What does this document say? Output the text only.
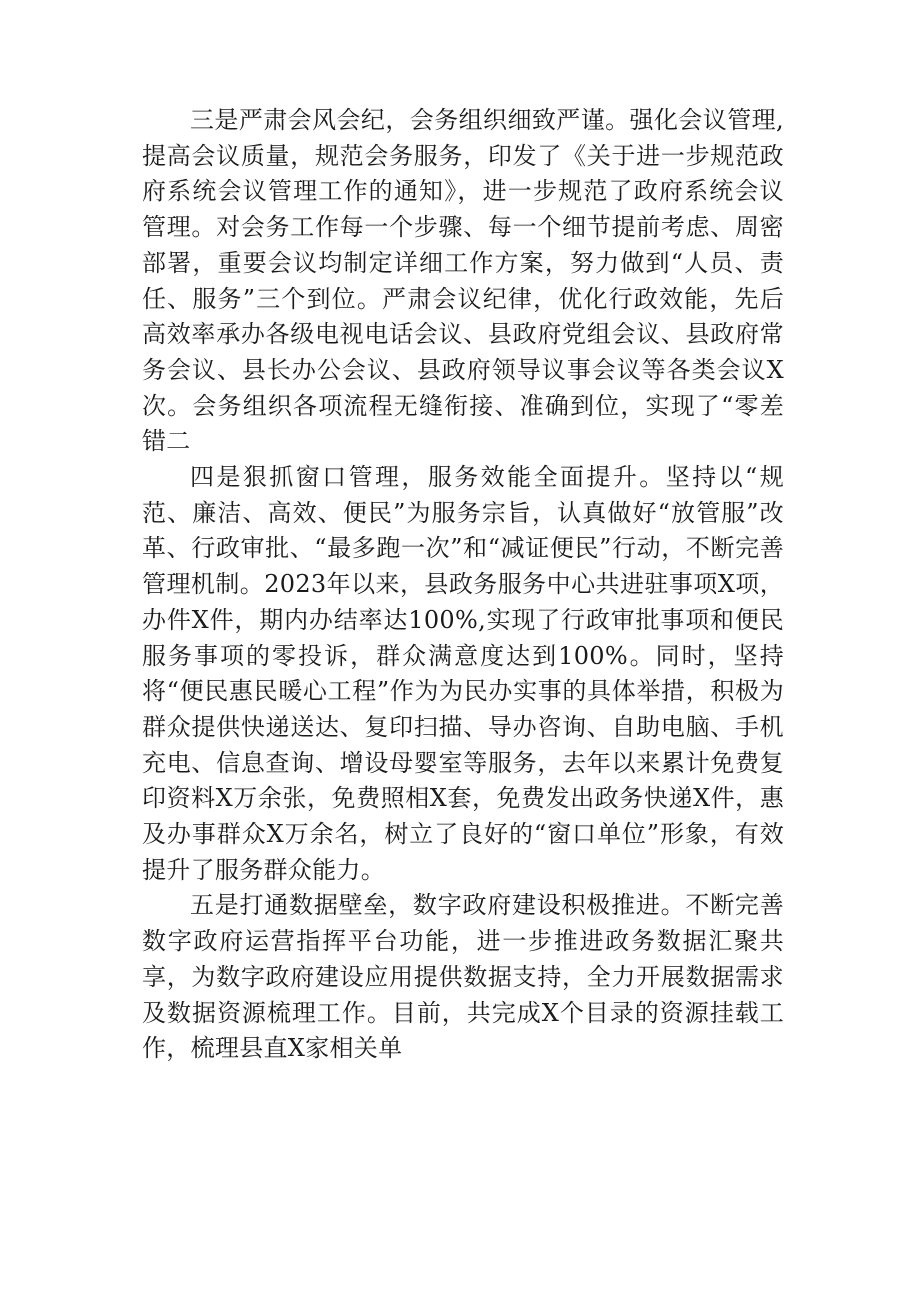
三是严肃会风会纪，会务组织细致严谨。强化会议管理,提高会议质量，规范会务服务，印发了《关于进一步规范政府系统会议管理工作的通知》，进一步规范了政府系统会议管理。对会务工作每一个步骤、每一个细节提前考虑、周密部署，重要会议均制定详细工作方案，努力做到“人员、责任、服务”三个到位。严肃会议纪律，优化行政效能，先后高效率承办各级电视电话会议、县政府党组会议、县政府常务会议、县长办公会议、县政府领导议事会议等各类会议X次。会务组织各项流程无缝衔接、准确到位，实现了“零差错二

四是狠抓窗口管理，服务效能全面提升。坚持以“规范、廉洁、高效、便民”为服务宗旨，认真做好“放管服”改革、行政审批、“最多跑一次”和“减证便民”行动，不断完善管理机制。2023年以来，县政务服务中心共进驻事项X项，办件X件，期内办结率达100%,实现了行政审批事项和便民服务事项的零投诉，群众满意度达到100%。同时，坚持将“便民惠民暖心工程”作为为民办实事的具体举措，积极为群众提供快递送达、复印扫描、导办咨询、自助电脑、手机充电、信息查询、增设母婴室等服务，去年以来累计免费复印资料X万余张，免费照相X套，免费发出政务快递X件，惠及办事群众X万余名，树立了良好的“窗口单位”形象，有效提升了服务群众能力。

五是打通数据壁垒，数字政府建设积极推进。不断完善数字政府运营指挥平台功能，进一步推进政务数据汇聚共享，为数字政府建设应用提供数据支持，全力开展数据需求及数据资源梳理工作。目前，共完成X个目录的资源挂载工作，梳理县直X家相关单
